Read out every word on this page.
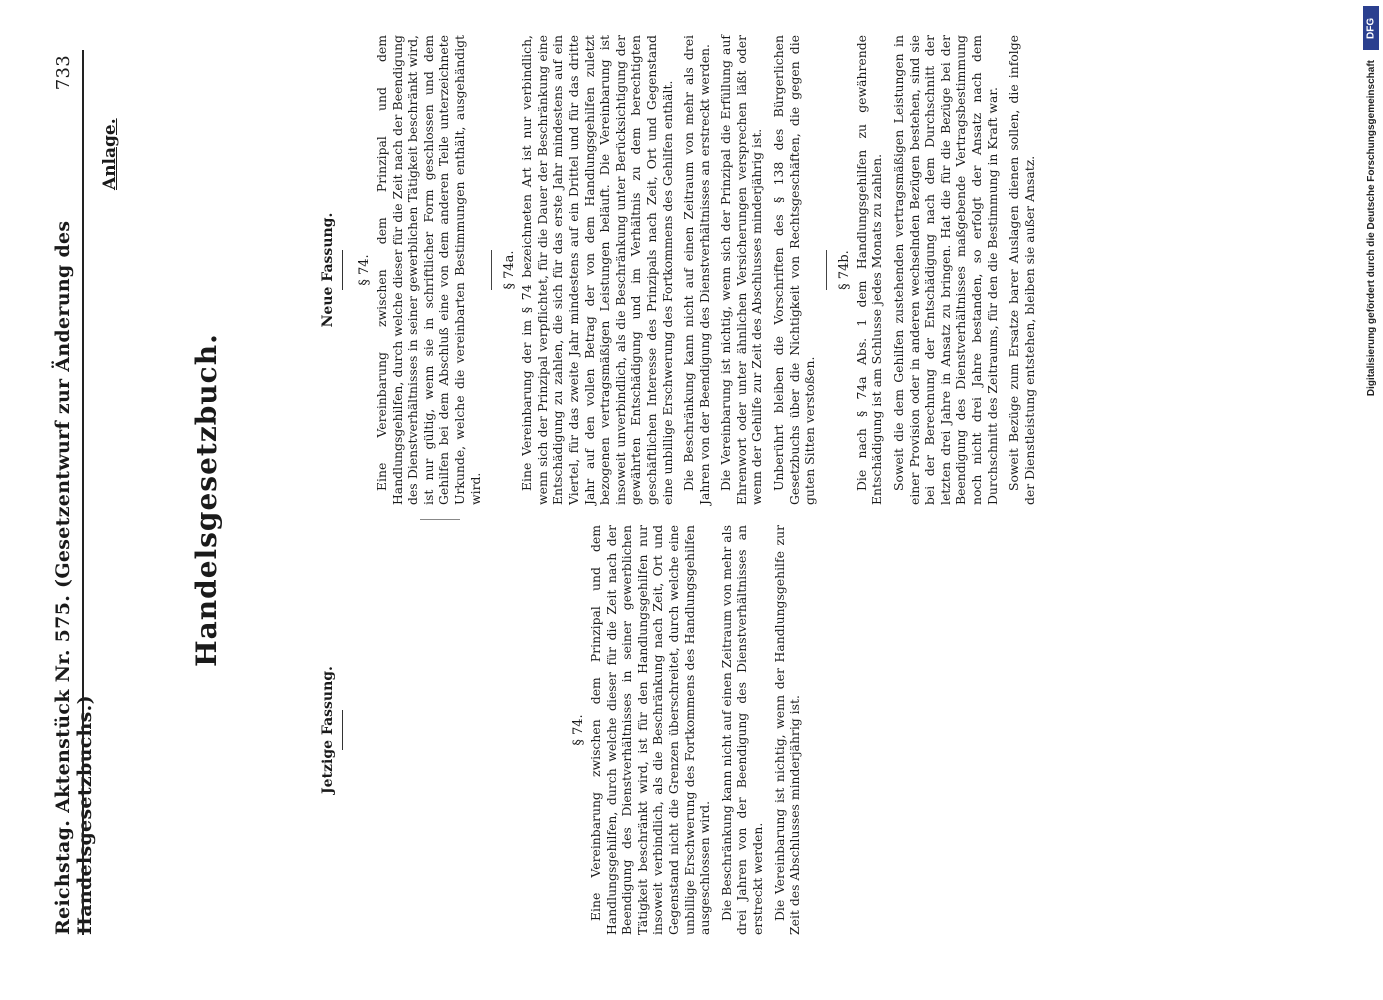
Reichstag. Aktenstück Nr. 575. (Gesetzentwurf zur Änderung des Handelsgesetzbuchs.)
733
Anlage.
Handelsgesetzbuch.
Jetzige Fassung.	§ 74. Eine Vereinbarung zwischen dem Prinzipal und dem Handlungsgehilfen, durch welche dieser für die Zeit nach der Beendigung des Dienstverhältnisses in seiner gewerblichen Tätigkeit beschränkt wird, ist für den Handlungsgehilfen nur insoweit verbindlich, als die Beschränkung nach Zeit, Ort und Gegenstand nicht die Grenzen überschreitet, durch welche eine unbillige Erschwerung des Fortkommens des Handlungsgehilfen ausgeschlossen wird. Die Beschränkung kann nicht auf einen Zeitraum von mehr als drei Jahren von der Beendigung des Dienstverhältnisses an erstreckt werden. Die Vereinbarung ist nichtig, wenn der Handlungsgehilfe zur Zeit des Abschlusses minderjährig ist.

Neue Fassung. § 74. Eine Vereinbarung zwischen dem Prinzipal und dem Handlungsgehilfen, durch welche dieser für die Zeit nach der Beendigung des Dienstverhältnisses in seiner gewerblichen Tätigkeit beschränkt wird, ist nur gültig, wenn sie in schriftlicher Form geschlossen und dem Gehilfen bei dem Abschluß eine von dem anderen Teile unterzeichnete Urkunde, welche die vereinbarten Bestimmungen enthält, ausgehändigt wird.

§ 74a. Eine Vereinbarung der im § 74 bezeichneten Art ist nur verbindlich, wenn sich der Prinzipal verpflichtet, für die Dauer der Beschränkung eine Entschädigung zu zahlen, die sich für das erste Jahr mindestens auf ein Viertel, für das zweite Jahr mindestens auf ein Drittel und für das dritte Jahr auf den vollen Betrag der von dem Handlungsgehilfen zuletzt bezogenen vertragsmäßigen Leistungen beläuft. Die Vereinbarung ist insoweit unverbindlich, als die Beschränkung unter Berücksichtigung der gewährten Entschädigung und im Verhältnis zu dem berechtigten geschäftlichen Interesse des Prinzipals nach Zeit, Ort und Gegenstand eine unbillige Erschwerung des Fortkommens des Gehilfen enthält. Die Beschränkung kann nicht auf einen Zeitraum von mehr als drei Jahren von der Beendigung des Dienstverhältnisses an erstreckt werden. Die Vereinbarung ist nichtig, wenn sich der Prinzipal die Erfüllung auf Ehrenwort oder unter ähnlichen Versicherungen versprechen läßt oder wenn der Gehilfe zur Zeit des Abschlusses minderjährig ist. Unberührt bleiben die Vorschriften des § 138 des Bürgerlichen Gesetzbuchs über die Nichtigkeit von Rechtsgeschäften, die gegen die guten Sitten verstoßen.

§ 74b. Die nach § 74a Abs. 1 dem Handlungsgehilfen zu gewährende Entschädigung ist am Schlusse jedes Monats zu zahlen. Soweit die dem Gehilfen zustehenden vertragsmäßigen Leistungen in einer Provision oder in anderen wechselnden Bezügen bestehen, sind sie bei der Berechnung der Entschädigung nach dem Durchschnitt der letzten drei Jahre in Ansatz zu bringen. Hat die für die Bezüge bei der Beendigung des Dienstverhältnisses maßgebende Vertragsbestimmung noch nicht drei Jahre bestanden, so erfolgt der Ansatz nach dem Durchschnitt des Zeitraums, für den die Bestimmung in Kraft war. Soweit Bezüge zum Ersatze barer Auslagen dienen sollen, die infolge der Dienstleistung entstehen, bleiben sie außer Ansatz.

DFG
Digitalisierung gefördert durch die Deutsche Forschungsgemeinschaft
